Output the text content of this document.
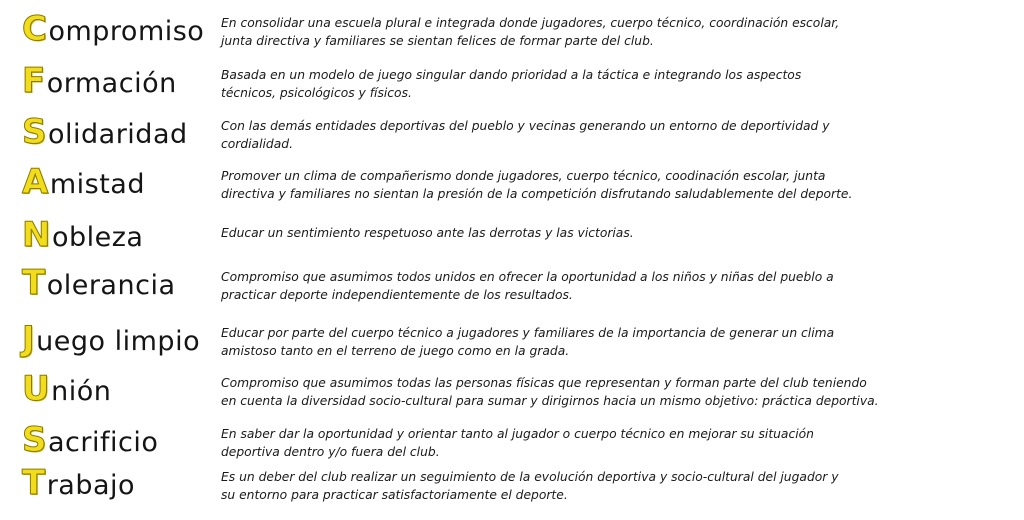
Compromiso En consolidar una escuela plural e integrada donde jugadores, cuerpo técnico, coordinación escolar,
junta directiva y familiares se sientan felices de formar parte del club.
Formación	Basada en un modelo de juego singular dando prioridad a la táctica e integrando los aspectos
técnicos, psicológicos y físicos.
Solidaridad	Con las demás entidades deportivas del pueblo y vecinas generando un entorno de deportividad y
cordialidad.
Amistad	Promover un clima de compañerismo donde jugadores, cuerpo técnico, coodinación escolar, junta
directiva y familiares no sientan la presión de la competición disfrutando saludablemente del deporte.
Nobleza	Educar un sentimiento respetuoso ante las derrotas y las victorias.
Tolerancia	Compromiso que asumimos todos unidos en ofrecer la oportunidad a los niños y niñas del pueblo a
practicar deporte independientemente de los resultados.
Juego limpio Educar por parte del cuerpo técnico a jugadores y familiares de la importancia de generar un clima
amistoso tanto en el terreno de juego como en la grada.
Unión	Compromiso que asumimos todas las personas físicas que representan y forman parte del club teniendo
en cuenta la diversidad socio-cultural para sumar y dirigirnos hacia un mismo objetivo: práctica deportiva.
Sacrificio	En saber dar la oportunidad y orientar tanto al jugador o cuerpo técnico en mejorar su situación
deportiva dentro y/o fuera del club.
Trabajo	Es un deber del club realizar un seguimiento de la evolución deportiva y socio-cultural del jugador y
su entorno para practicar satisfactoriamente el deporte.
